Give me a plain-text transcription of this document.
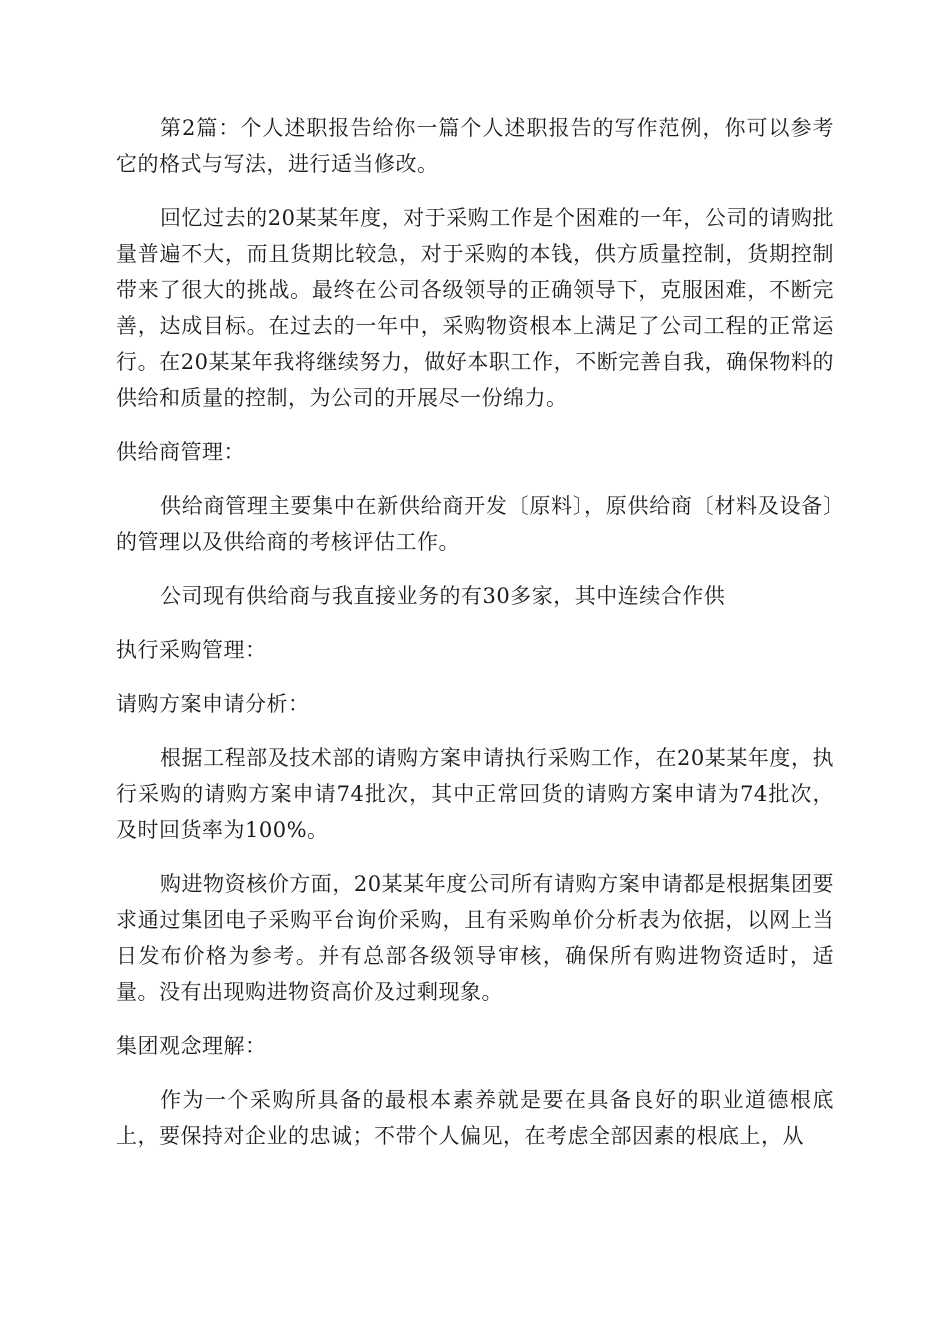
第2篇：个人述职报告给你一篇个人述职报告的写作范例，你可以参考它的格式与写法，进行适当修改。

回忆过去的20某某年度，对于采购工作是个困难的一年，公司的请购批量普遍不大，而且货期比较急，对于采购的本钱，供方质量控制，货期控制带来了很大的挑战。最终在公司各级领导的正确领导下，克服困难，不断完善，达成目标。在过去的一年中，采购物资根本上满足了公司工程的正常运行。在20某某年我将继续努力，做好本职工作，不断完善自我，确保物料的供给和质量的控制，为公司的开展尽一份绵力。

供给商管理：

供给商管理主要集中在新供给商开发〔原料〕，原供给商〔材料及设备〕的管理以及供给商的考核评估工作。

公司现有供给商与我直接业务的有30多家，其中连续合作供

执行采购管理：

请购方案申请分析：

根据工程部及技术部的请购方案申请执行采购工作，在20某某年度，执行采购的请购方案申请74批次，其中正常回货的请购方案申请为74批次，及时回货率为100%。

购进物资核价方面，20某某年度公司所有请购方案申请都是根据集团要求通过集团电子采购平台询价采购，且有采购单价分析表为依据，以网上当日发布价格为参考。并有总部各级领导审核，确保所有购进物资适时，适量。没有出现购进物资高价及过剩现象。

集团观念理解：

作为一个采购所具备的最根本素养就是要在具备良好的职业道德根底上，要保持对企业的忠诚；不带个人偏见，在考虑全部因素的根底上，从
